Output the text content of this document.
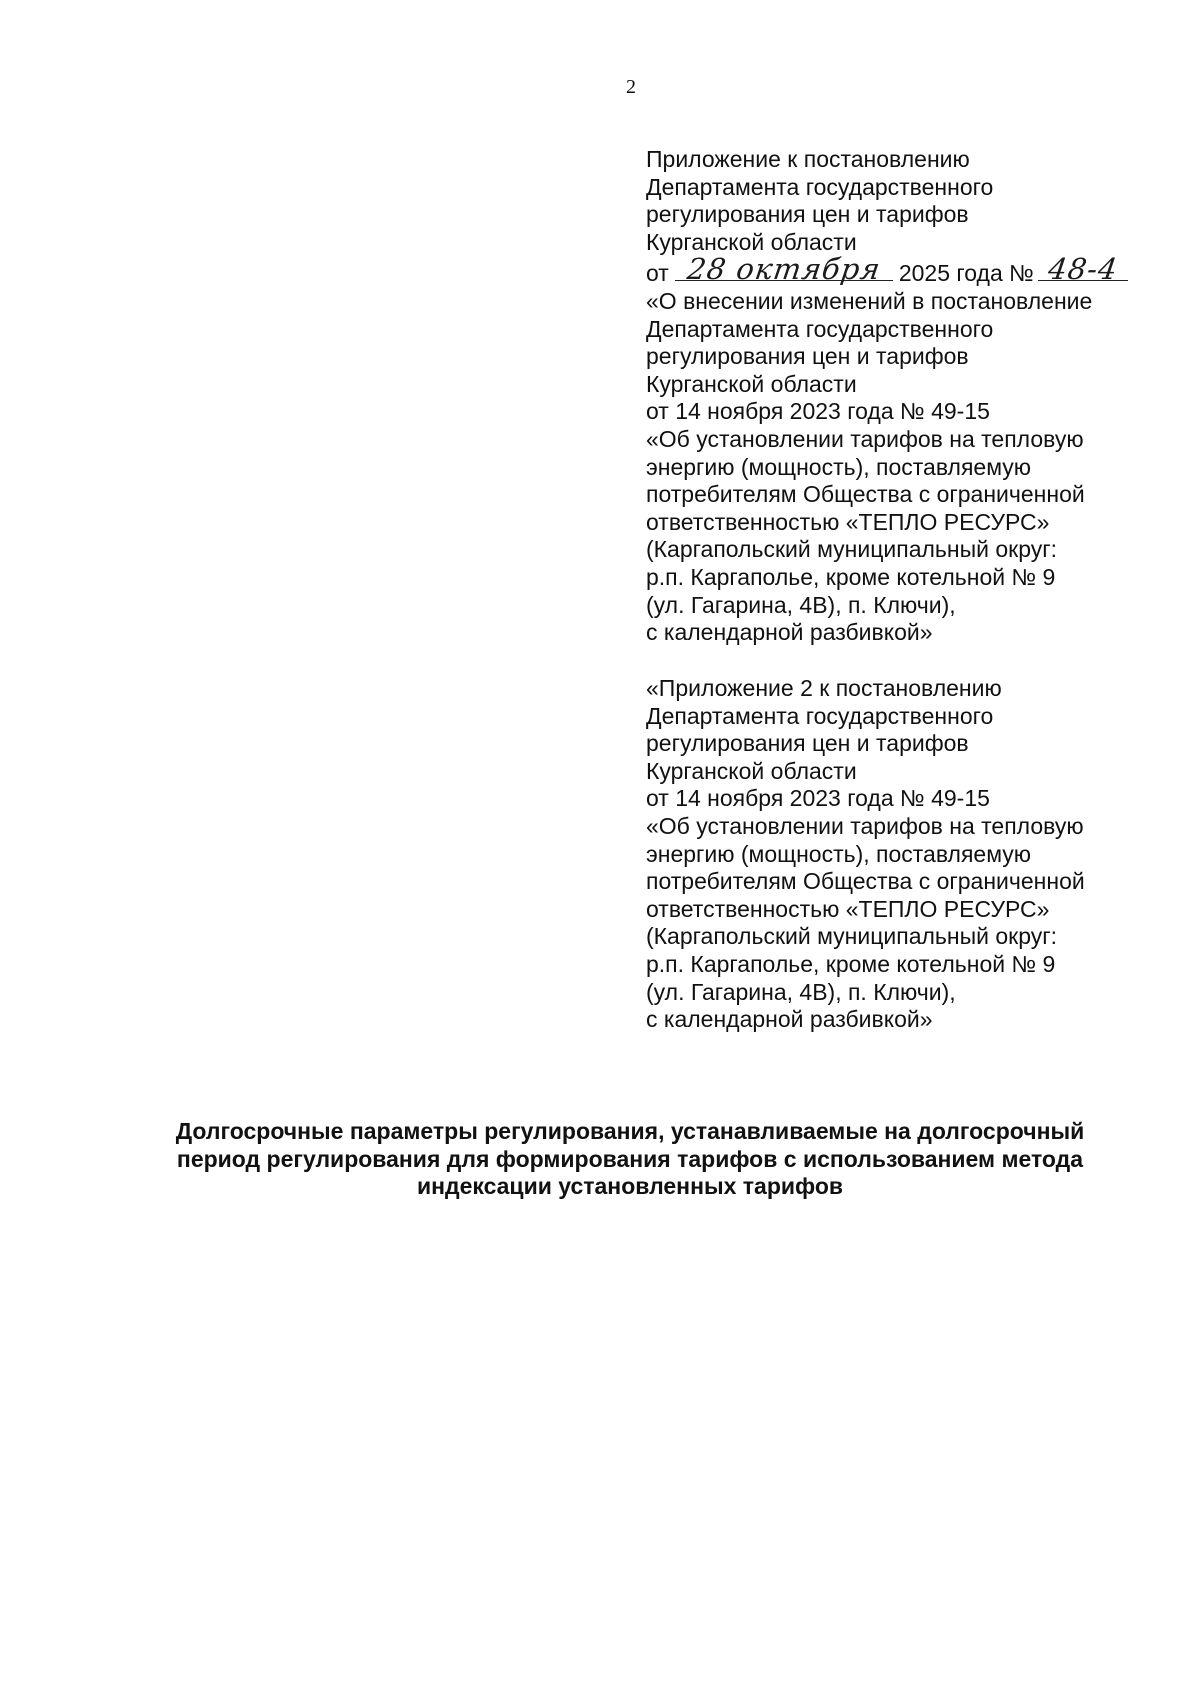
2
Приложение к постановлению
Департамента государственного
регулирования цен и тарифов
Курганской области
от 28 октября 2025 года № 48-4
«О внесении изменений в постановление
Департамента государственного
регулирования цен и тарифов
Курганской области
от 14 ноября 2023 года № 49-15
«Об установлении тарифов на тепловую
энергию (мощность), поставляемую
потребителям Общества с ограниченной
ответственностью «ТЕПЛО РЕСУРС»
(Каргапольский муниципальный округ:
р.п. Каргаполье, кроме котельной № 9
(ул. Гагарина, 4В), п. Ключи),
с календарной разбивкой»
«Приложение 2 к постановлению
Департамента государственного
регулирования цен и тарифов
Курганской области
от 14 ноября 2023 года № 49-15
«Об установлении тарифов на тепловую
энергию (мощность), поставляемую
потребителям Общества с ограниченной
ответственностью «ТЕПЛО РЕСУРС»
(Каргапольский муниципальный округ:
р.п. Каргаполье, кроме котельной № 9
(ул. Гагарина, 4В), п. Ключи),
с календарной разбивкой»
Долгосрочные параметры регулирования, устанавливаемые на долгосрочный
период регулирования для формирования тарифов с использованием метода
индексации установленных тарифов
